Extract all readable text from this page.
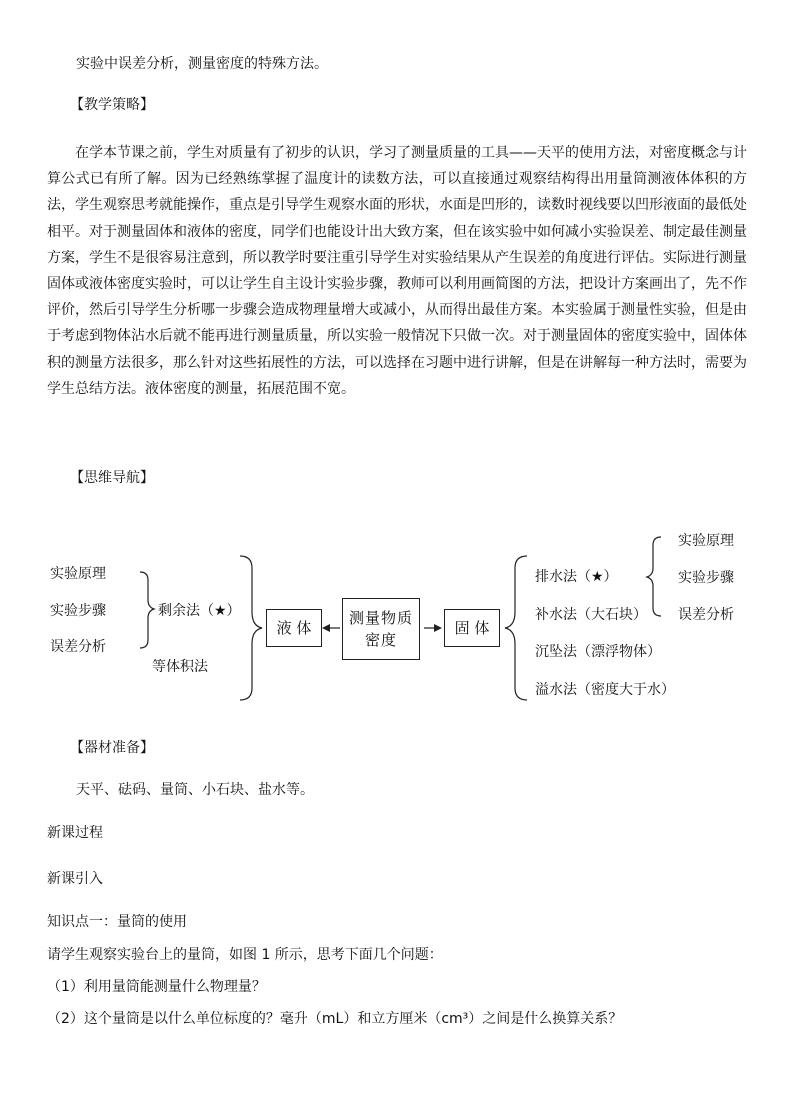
实验中误差分析，测量密度的特殊方法。
【教学策略】
在学本节课之前，学生对质量有了初步的认识，学习了测量质量的工具——天平的使用方法，对密度概念与计算公式已有所了解。因为已经熟练掌握了温度计的读数方法，可以直接通过观察结构得出用量筒测液体体积的方法，学生观察思考就能操作，重点是引导学生观察水面的形状，水面是凹形的，读数时视线要以凹形液面的最低处相平。对于测量固体和液体的密度，同学们也能设计出大致方案，但在该实验中如何减小实验误差、制定最佳测量方案，学生不是很容易注意到，所以教学时要注重引导学生对实验结果从产生误差的角度进行评估。实际进行测量固体或液体密度实验时，可以让学生自主设计实验步骤，教师可以利用画简图的方法，把设计方案画出了，先不作评价，然后引导学生分析哪一步骤会造成物理量增大或减小，从而得出最佳方案。本实验属于测量性实验，但是由于考虑到物体沾水后就不能再进行测量质量，所以实验一般情况下只做一次。对于测量固体的密度实验中，固体体积的测量方法很多，那么针对这些拓展性的方法，可以选择在习题中进行讲解，但是在讲解每一种方法时，需要为学生总结方法。液体密度的测量，拓展范围不宽。
【思维导航】
实验原理
实验步骤
误差分析
剩余法（★）
等体积法
液 体
测量物质密度
固 体
排水法（★）
补水法（大石块）
沉坠法（漂浮物体）
溢水法（密度大于水）
实验原理
实验步骤
误差分析
【器材准备】
天平、砝码、量筒、小石块、盐水等。
新课过程
新课引入
知识点一：量筒的使用
请学生观察实验台上的量筒，如图 1 所示，思考下面几个问题：
（1）利用量筒能测量什么物理量？
（2）这个量筒是以什么单位标度的？毫升（mL）和立方厘米（cm³）之间是什么换算关系？
